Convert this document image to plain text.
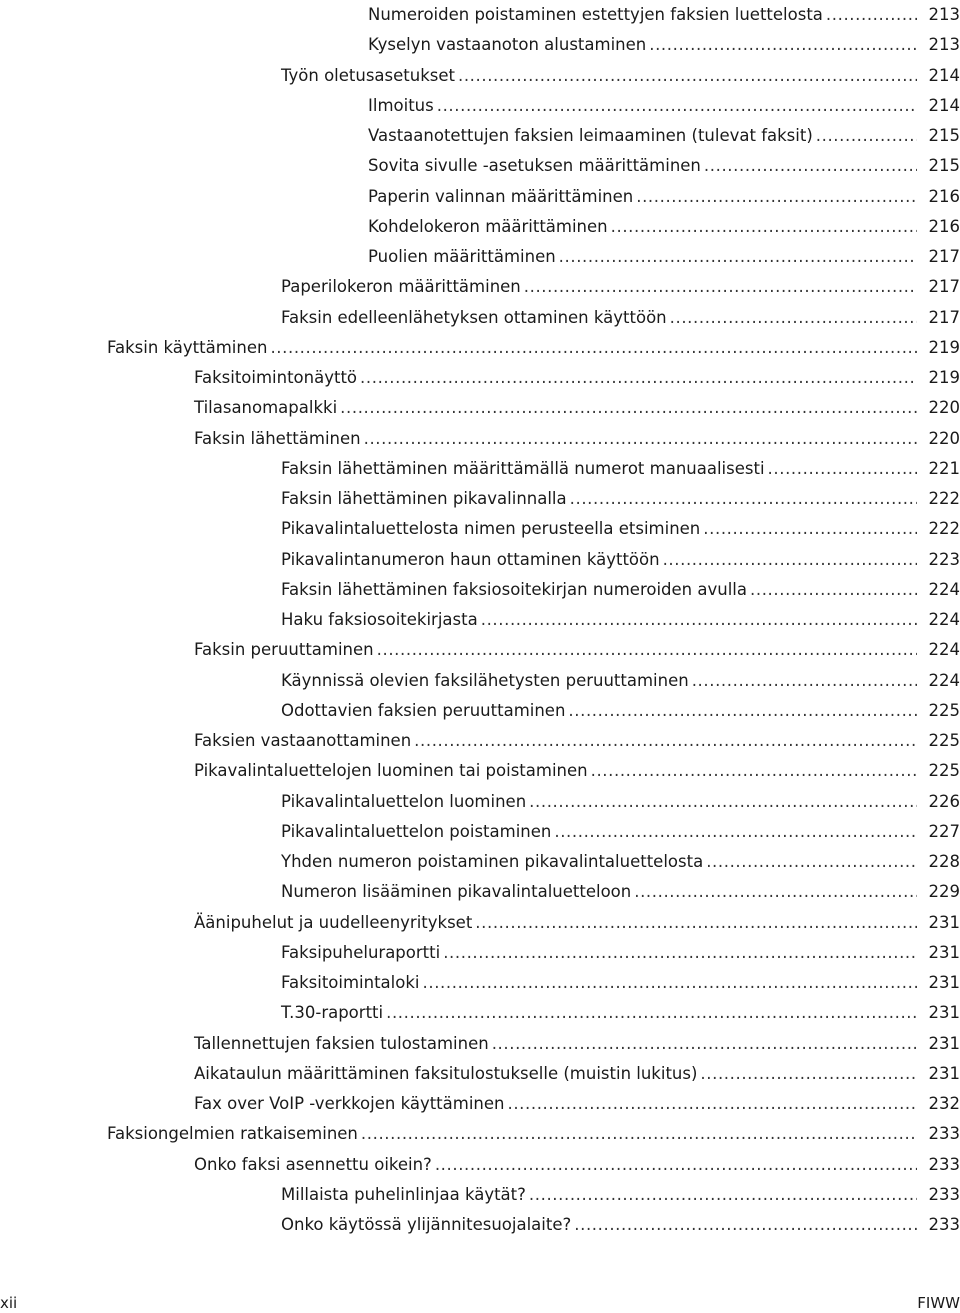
Numeroiden poistaminen estettyjen faksien luettelosta .....	213
Kyselyn vastaanoton alustaminen .....	213
Työn oletusasetukset .....	214
Ilmoitus .....	214
Vastaanotettujen faksien leimaaminen (tulevat faksit) .....	215
Sovita sivulle -asetuksen määrittäminen .....	215
Paperin valinnan määrittäminen .....	216
Kohdelokeron määrittäminen .....	216
Puolien määrittäminen .....	217
Paperilokeron määrittäminen .....	217
Faksin edelleenlähetyksen ottaminen käyttöön .....	217
Faksin käyttäminen .....	219
Faksitoimintonäyttö .....	219
Tilasanomapalkki .....	220
Faksin lähettäminen .....	220
Faksin lähettäminen määrittämällä numerot manuaalisesti .....	221
Faksin lähettäminen pikavalinnalla .....	222
Pikavalintaluettelosta nimen perusteella etsiminen .....	222
Pikavalintanumeron haun ottaminen käyttöön .....	223
Faksin lähettäminen faksiosoitekirjan numeroiden avulla .....	224
Haku faksiosoitekirjasta .....	224
Faksin peruuttaminen .....	224
Käynnissä olevien faksilähetysten peruuttaminen .....	224
Odottavien faksien peruuttaminen .....	225
Faksien vastaanottaminen .....	225
Pikavalintaluettelojen luominen tai poistaminen .....	225
Pikavalintaluettelon luominen .....	226
Pikavalintaluettelon poistaminen .....	227
Yhden numeron poistaminen pikavalintaluettelosta .....	228
Numeron lisääminen pikavalintaluetteloon .....	229
Äänipuhelut ja uudelleenyritykset .....	231
Faksipuheluraportti .....	231
Faksitoimintaloki .....	231
T.30-raportti .....	231
Tallennettujen faksien tulostaminen .....	231
Aikataulun määrittäminen faksitulostukselle (muistin lukitus) .....	231
Fax over VoIP -verkkojen käyttäminen .....	232
Faksiongelmien ratkaiseminen .....	233
Onko faksi asennettu oikein? .....	233
Millaista puhelinlinjaa käytät? .....	233
Onko käytössä ylijännitesuojalaite? .....	233
xii	FIWW
